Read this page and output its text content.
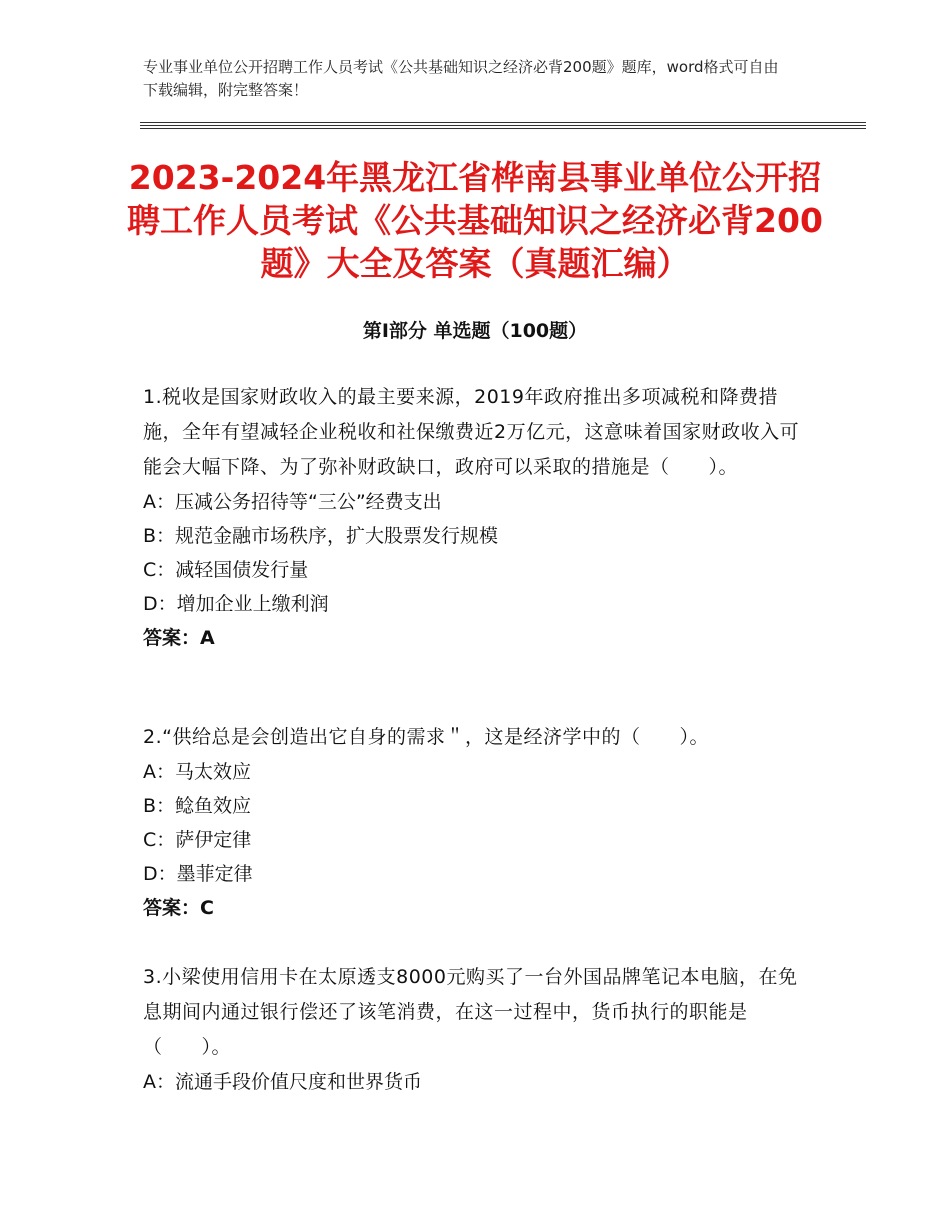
专业事业单位公开招聘工作人员考试《公共基础知识之经济必背200题》题库，word格式可自由下载编辑，附完整答案！
2023-2024年黑龙江省桦南县事业单位公开招聘工作人员考试《公共基础知识之经济必背200题》大全及答案（真题汇编）
第Ⅰ部分 单选题（100题）
1.税收是国家财政收入的最主要来源，2019年政府推出多项减税和降费措施，全年有望减轻企业税收和社保缴费近2万亿元，这意味着国家财政收入可能会大幅下降、为了弥补财政缺口，政府可以采取的措施是（　　）。
A：压减公务招待等“三公”经费支出
B：规范金融市场秩序，扩大股票发行规模
C：减轻国债发行量
D：增加企业上缴利润
答案：A
2.“供给总是会创造出它自身的需求＂，这是经济学中的（　　）。
A：马太效应
B：鲶鱼效应
C：萨伊定律
D：墨菲定律
答案：C
3.小梁使用信用卡在太原透支8000元购买了一台外国品牌笔记本电脑，在免息期间内通过银行偿还了该笔消费，在这一过程中，货币执行的职能是（　　）。
A：流通手段价值尺度和世界货币
